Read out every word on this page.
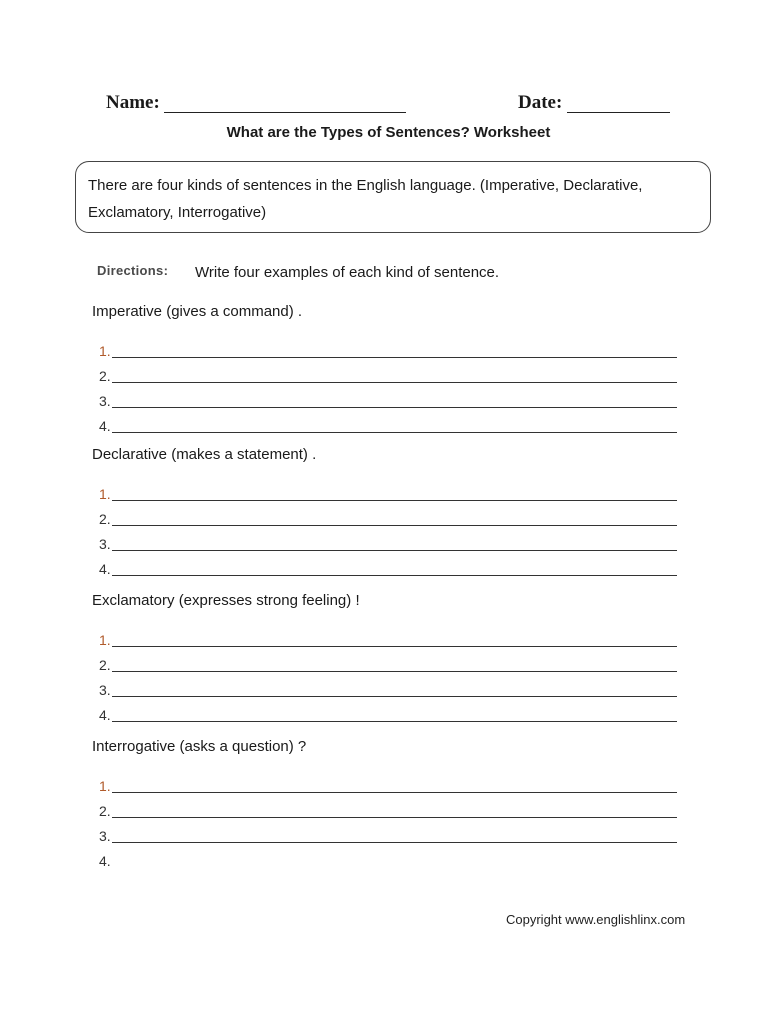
Name:	Date:
What are the Types of Sentences? Worksheet
There are four kinds of sentences in the English language. (Imperative, Declarative, Exclamatory, Interrogative)
Directions: Write four examples of each kind of sentence.
Imperative (gives a command) .
1.
2.
3.
4.
Declarative (makes a statement) .
1.
2.
3.
4.
Exclamatory (expresses strong feeling) !
1.
2.
3.
4.
Interrogative (asks a question) ?
1.
2.
3.
4.
Copyright www.englishlinx.com
